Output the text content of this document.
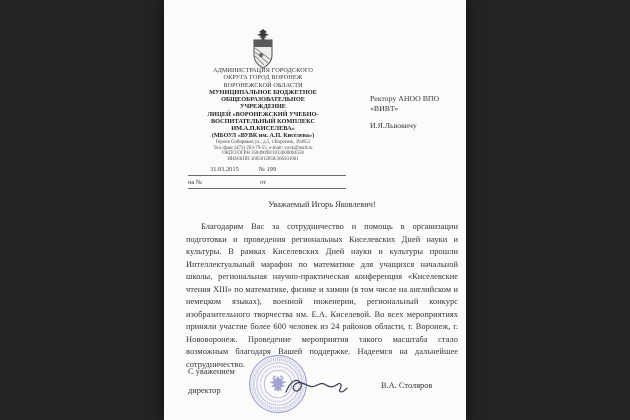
АДМИНИСТРАЦИЯ ГОРОДСКОГО
ОКРУГА ГОРОД ВОРОНЕЖ
ВОРОНЕЖСКОЙ ОБЛАСТИ
МУНИЦИПАЛЬНОЕ БЮДЖЕТНОЕ
ОБЩЕОБРАЗОВАТЕЛЬНОЕ
УЧРЕЖДЕНИЕ
ЛИЦЕЙ «ВОРОНЕЖСКИЙ УЧЕБНО-
ВОСПИТАТЕЛЬНЫЙ КОМПЛЕКС
ИМ.А.П.КИСЕЛЕВА»
(МБОУЛ «ВУВК им. А.П. Киселева»)
Героев Сибиряков ул., д.5, г.Воронеж, 394051
Тел./факс (473) 263-79-55, e-mail: vuvk@mail.ru
ОКПО/ОГРН 35849098/1033600064558
ИНН/КПП 3665012858/366501001
31.03.2015	№ 199
на №	от
Ректору АНОО ВПО
«ВИВТ»
И.Я.Львовичу
Уважаемый Игорь Яковлевич!
Благодарим Вас за сотрудничество и помощь в организации подготовки и проведения региональных Киселевских Дней науки и культуры. В рамках Киселевских Дней науки и культуры прошли Интеллектуальный марафон по математике для учащихся начальной школы, региональная научно-практическая конференция «Киселевские чтения XIII» по математике, физике и химии (в том числе на английском и немецком языках), военной инженерии, региональный конкурс изобразительного творчества им. Е.А. Киселевой. Во всех мероприятиях приняли участие более 600 человек из 24 районов области, г. Воронеж, г. Нововоронеж. Проведение мероприятия такого масштаба стало возможным благодаря Вашей поддержке. Надеемся на дальнейшее сотрудничество.
С уважением
директор
В.А. Столяров
